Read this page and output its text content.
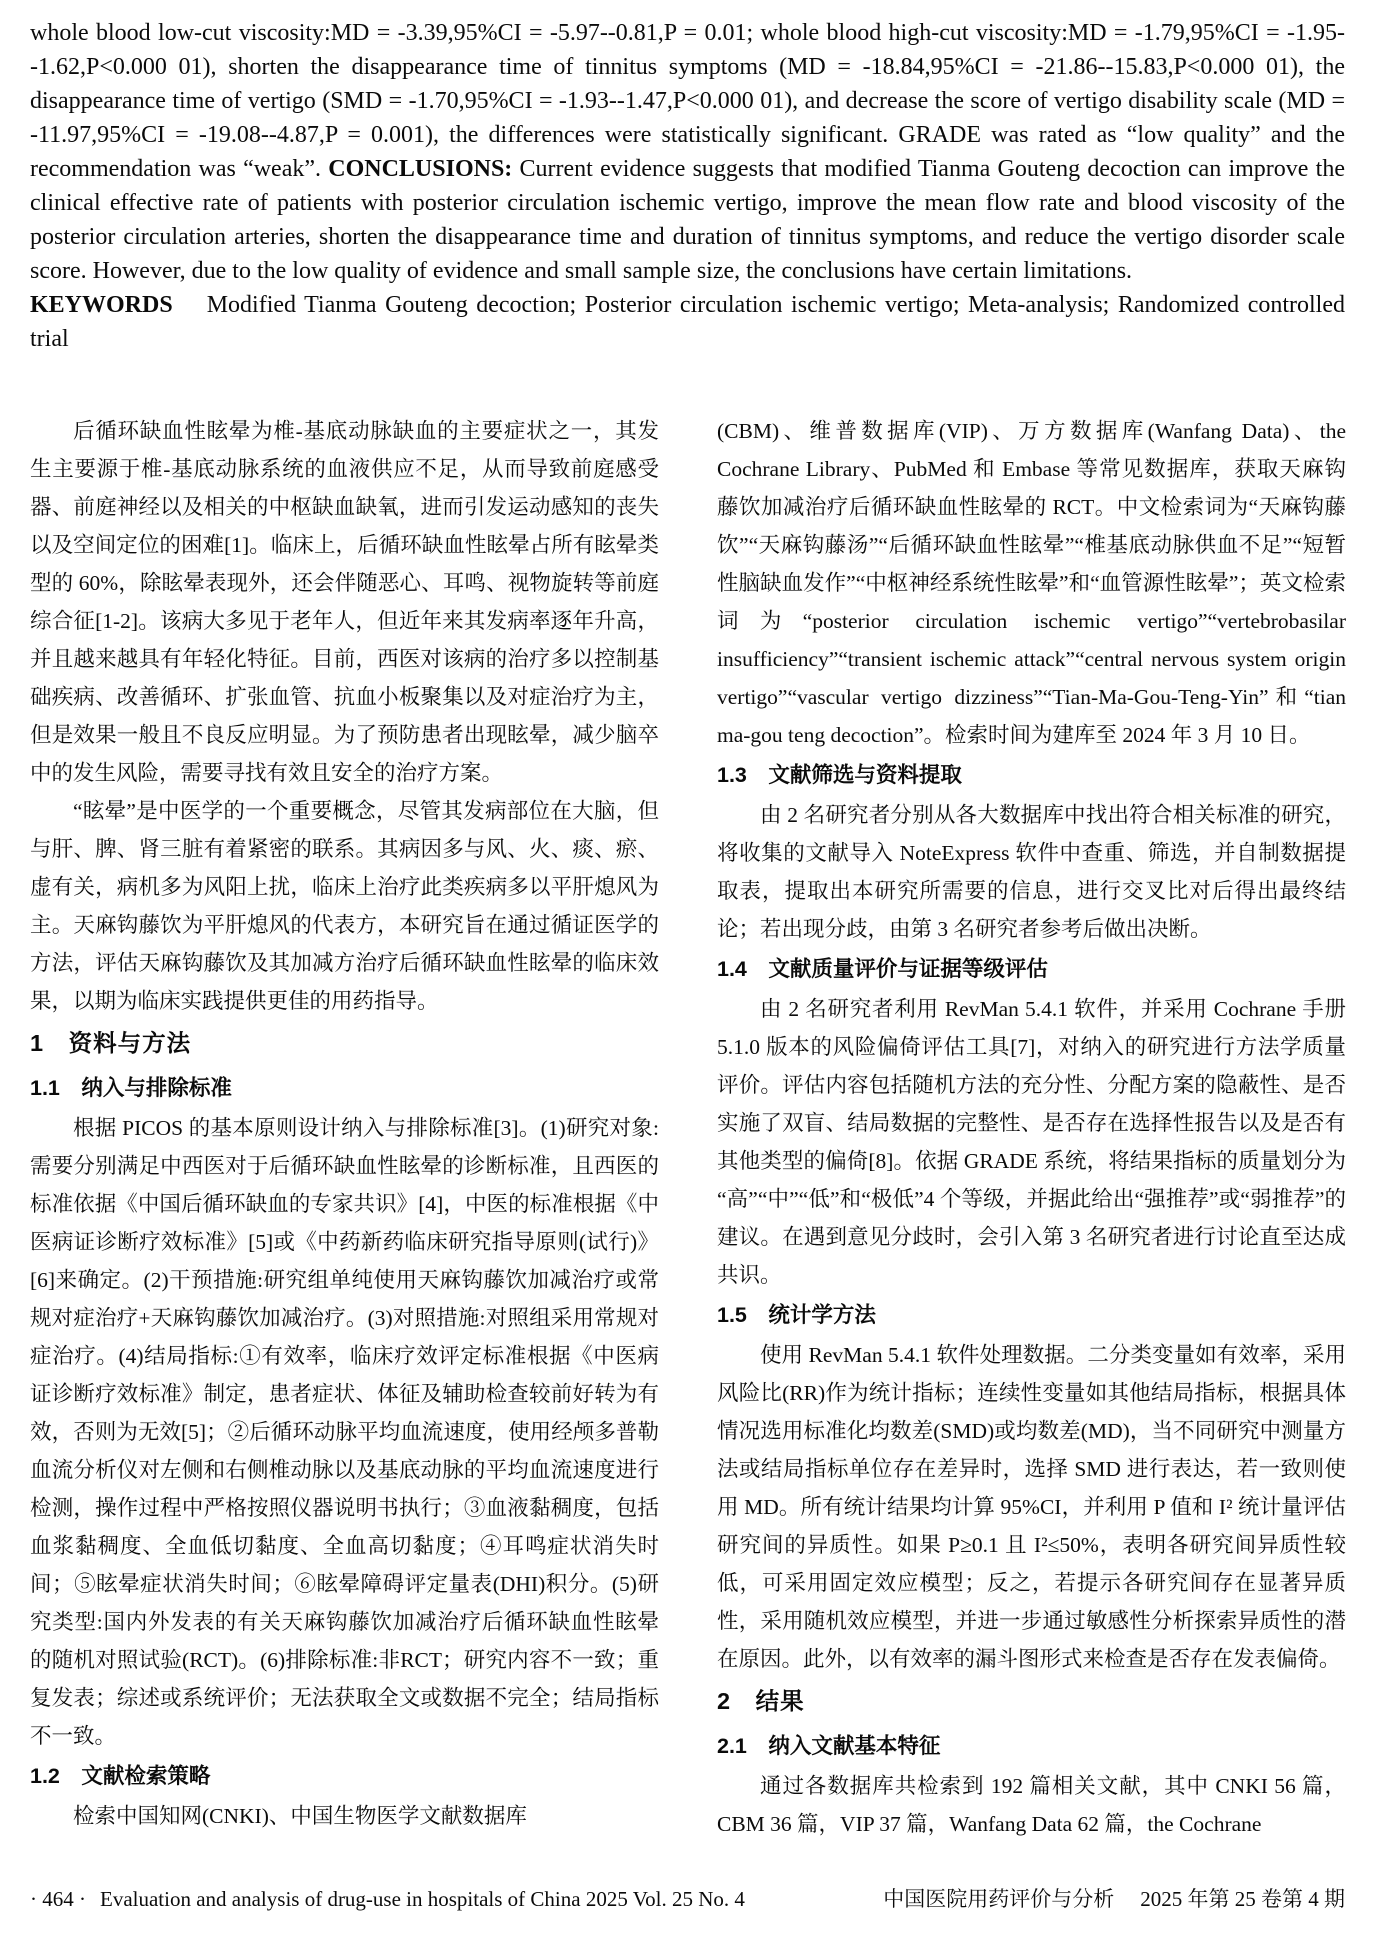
whole blood low-cut viscosity:MD = -3.39,95%CI = -5.97--0.81,P = 0.01; whole blood high-cut viscosity:MD = -1.79,95%CI = -1.95--1.62,P<0.000 01), shorten the disappearance time of tinnitus symptoms (MD = -18.84,95%CI = -21.86--15.83,P<0.000 01), the disappearance time of vertigo (SMD = -1.70,95%CI = -1.93--1.47,P<0.000 01), and decrease the score of vertigo disability scale (MD = -11.97,95%CI = -19.08--4.87,P = 0.001), the differences were statistically significant. GRADE was rated as “low quality” and the recommendation was “weak”. CONCLUSIONS: Current evidence suggests that modified Tianma Gouteng decoction can improve the clinical effective rate of patients with posterior circulation ischemic vertigo, improve the mean flow rate and blood viscosity of the posterior circulation arteries, shorten the disappearance time and duration of tinnitus symptoms, and reduce the vertigo disorder scale score. However, due to the low quality of evidence and small sample size, the conclusions have certain limitations.

KEYWORDS Modified Tianma Gouteng decoction; Posterior circulation ischemic vertigo; Meta-analysis; Randomized controlled trial

后循环缺血性眩晕为椎-基底动脉缺血的主要症状之一，其发生主要源于椎-基底动脉系统的血液供应不足，从而导致前庭感受器、前庭神经以及相关的中枢缺血缺氧，进而引发运动感知的丧失以及空间定位的困难[1]。临床上，后循环缺血性眩晕占所有眩晕类型的 60%，除眩晕表现外，还会伴随恶心、耳鸣、视物旋转等前庭综合征[1-2]。该病大多见于老年人，但近年来其发病率逐年升高，并且越来越具有年轻化特征。目前，西医对该病的治疗多以控制基础疾病、改善循环、扩张血管、抗血小板聚集以及对症治疗为主，但是效果一般且不良反应明显。为了预防患者出现眩晕，减少脑卒中的发生风险，需要寻找有效且安全的治疗方案。

“眩晕”是中医学的一个重要概念，尽管其发病部位在大脑，但与肝、脾、肾三脏有着紧密的联系。其病因多与风、火、痰、瘀、虚有关，病机多为风阳上扰，临床上治疗此类疾病多以平肝熄风为主。天麻钩藤饮为平肝熄风的代表方，本研究旨在通过循证医学的方法，评估天麻钩藤饮及其加减方治疗后循环缺血性眩晕的临床效果，以期为临床实践提供更佳的用药指导。

1　资料与方法
1.1　纳入与排除标准

根据 PICOS 的基本原则设计纳入与排除标准[3]。(1)研究对象:需要分别满足中西医对于后循环缺血性眩晕的诊断标准，且西医的标准依据《中国后循环缺血的专家共识》[4]，中医的标准根据《中医病证诊断疗效标准》[5]或《中药新药临床研究指导原则(试行)》[6]来确定。(2)干预措施:研究组单纯使用天麻钩藤饮加减治疗或常规对症治疗+天麻钩藤饮加减治疗。(3)对照措施:对照组采用常规对症治疗。(4)结局指标:①有效率，临床疗效评定标准根据《中医病证诊断疗效标准》制定，患者症状、体征及辅助检查较前好转为有效，否则为无效[5]；②后循环动脉平均血流速度，使用经颅多普勒血流分析仪对左侧和右侧椎动脉以及基底动脉的平均血流速度进行检测，操作过程中严格按照仪器说明书执行；③血液黏稠度，包括血浆黏稠度、全血低切黏度、全血高切黏度；④耳鸣症状消失时间；⑤眩晕症状消失时间；⑥眩晕障碍评定量表(DHI)积分。(5)研究类型:国内外发表的有关天麻钩藤饮加减治疗后循环缺血性眩晕的随机对照试验(RCT)。(6)排除标准:非RCT；研究内容不一致；重复发表；综述或系统评价；无法获取全文或数据不完全；结局指标不一致。

1.2　文献检索策略

检索中国知网(CNKI)、中国生物医学文献数据库

(CBM)、维普数据库(VIP)、万方数据库(Wanfang Data)、the Cochrane Library、PubMed 和 Embase 等常见数据库，获取天麻钩藤饮加减治疗后循环缺血性眩晕的 RCT。中文检索词为“天麻钩藤饮”“天麻钩藤汤”“后循环缺血性眩晕”“椎基底动脉供血不足”“短暂性脑缺血发作”“中枢神经系统性眩晕”和“血管源性眩晕”；英文检索词为“posterior circulation ischemic vertigo”“vertebrobasilar insufficiency”“transient ischemic attack”“central nervous system origin vertigo”“vascular vertigo dizziness”“Tian-Ma-Gou-Teng-Yin”和“tian ma-gou teng decoction”。检索时间为建库至 2024 年 3 月 10 日。

1.3　文献筛选与资料提取

由 2 名研究者分别从各大数据库中找出符合相关标准的研究，将收集的文献导入 NoteExpress 软件中查重、筛选，并自制数据提取表，提取出本研究所需要的信息，进行交叉比对后得出最终结论；若出现分歧，由第 3 名研究者参考后做出决断。

1.4　文献质量评价与证据等级评估

由 2 名研究者利用 RevMan 5.4.1 软件，并采用 Cochrane 手册 5.1.0 版本的风险偏倚评估工具[7]，对纳入的研究进行方法学质量评价。评估内容包括随机方法的充分性、分配方案的隐蔽性、是否实施了双盲、结局数据的完整性、是否存在选择性报告以及是否有其他类型的偏倚[8]。依据 GRADE 系统，将结果指标的质量划分为“高”“中”“低”和“极低”4 个等级，并据此给出“强推荐”或“弱推荐”的建议。在遇到意见分歧时，会引入第 3 名研究者进行讨论直至达成共识。

1.5　统计学方法

使用 RevMan 5.4.1 软件处理数据。二分类变量如有效率，采用风险比(RR)作为统计指标；连续性变量如其他结局指标，根据具体情况选用标准化均数差(SMD)或均数差(MD)，当不同研究中测量方法或结局指标单位存在差异时，选择 SMD 进行表达，若一致则使用 MD。所有统计结果均计算 95%CI，并利用 P 值和 I² 统计量评估研究间的异质性。如果 P≥0.1 且 I²≤50%，表明各研究间异质性较低，可采用固定效应模型；反之，若提示各研究间存在显著异质性，采用随机效应模型，并进一步通过敏感性分析探索异质性的潜在原因。此外，以有效率的漏斗图形式来检查是否存在发表偏倚。

2　结果
2.1　纳入文献基本特征

通过各数据库共检索到 192 篇相关文献，其中 CNKI 56 篇，CBM 36 篇，VIP 37 篇，Wanfang Data 62 篇，the Cochrane

· 464 · Evaluation and analysis of drug-use in hospitals of China 2025 Vol. 25 No. 4	中国医院用药评价与分析 2025 年第 25 卷第 4 期
